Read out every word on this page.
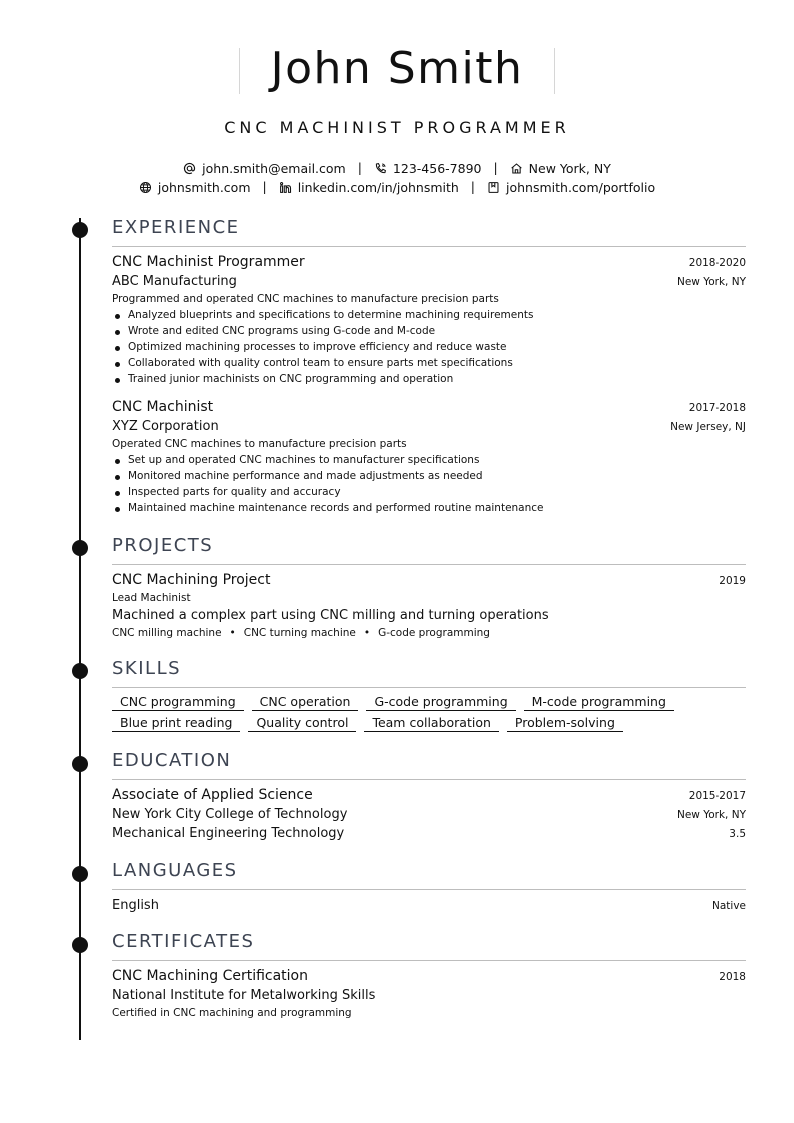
John Smith
CNC MACHINIST PROGRAMMER
john.smith@email.com | 123-456-7890 | New York, NY
johnsmith.com | linkedin.com/in/johnsmith | johnsmith.com/portfolio
EXPERIENCE
CNC Machinist Programmer	2018-2020
ABC Manufacturing	New York, NY
Programmed and operated CNC machines to manufacture precision parts
Analyzed blueprints and specifications to determine machining requirements
Wrote and edited CNC programs using G-code and M-code
Optimized machining processes to improve efficiency and reduce waste
Collaborated with quality control team to ensure parts met specifications
Trained junior machinists on CNC programming and operation
CNC Machinist	2017-2018
XYZ Corporation	New Jersey, NJ
Operated CNC machines to manufacture precision parts
Set up and operated CNC machines to manufacturer specifications
Monitored machine performance and made adjustments as needed
Inspected parts for quality and accuracy
Maintained machine maintenance records and performed routine maintenance
PROJECTS
CNC Machining Project	2019
Lead Machinist
Machined a complex part using CNC milling and turning operations
CNC milling machine • CNC turning machine • G-code programming
SKILLS
CNC programming	CNC operation	G-code programming	M-code programming
Blue print reading	Quality control	Team collaboration	Problem-solving
EDUCATION
Associate of Applied Science	2015-2017
New York City College of Technology	New York, NY
Mechanical Engineering Technology	3.5
LANGUAGES
English	Native
CERTIFICATES
CNC Machining Certification	2018
National Institute for Metalworking Skills
Certified in CNC machining and programming
